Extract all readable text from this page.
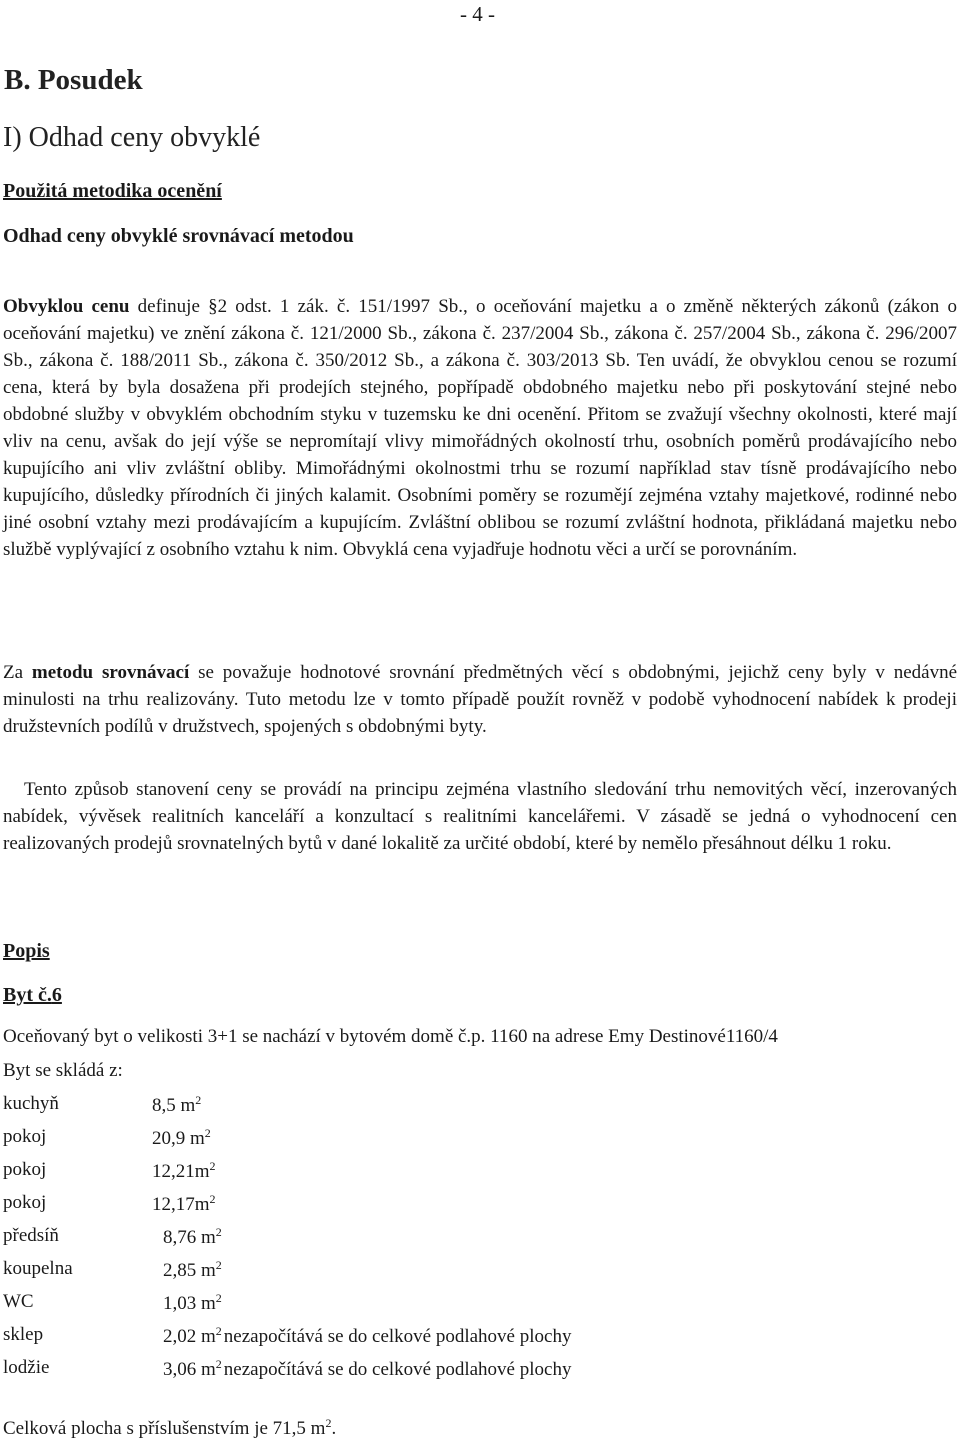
- 4 -
B. Posudek
I) Odhad ceny obvyklé
Použitá metodika ocenění
Odhad ceny obvyklé srovnávací metodou

Obvyklou cenu definuje §2 odst. 1 zák. č. 151/1997 Sb., o oceňování majetku a o změně některých zákonů (zákon o oceňování majetku) ve znění zákona č. 121/2000 Sb., zákona č. 237/2004 Sb., zákona č. 257/2004 Sb., zákona č. 296/2007 Sb., zákona č. 188/2011 Sb., zákona č. 350/2012 Sb., a zákona č. 303/2013 Sb. Ten uvádí, že obvyklou cenou se rozumí cena, která by byla dosažena při prodejích stejného, popřípadě obdobného majetku nebo při poskytování stejné nebo obdobné služby v obvyklém obchodním styku v tuzemsku ke dni ocenění. Přitom se zvažují všechny okolnosti, které mají vliv na cenu, avšak do její výše se nepromítají vlivy mimořádných okolností trhu, osobních poměrů prodávajícího nebo kupujícího ani vliv zvláštní obliby. Mimořádnými okolnostmi trhu se rozumí například stav tísně prodávajícího nebo kupujícího, důsledky přírodních či jiných kalamit. Osobními poměry se rozumějí zejména vztahy majetkové, rodinné nebo jiné osobní vztahy mezi prodávajícím a kupujícím. Zvláštní oblibou se rozumí zvláštní hodnota, přikládaná majetku nebo službě vyplývající z osobního vztahu k nim. Obvyklá cena vyjadřuje hodnotu věci a určí se porovnáním.

Za metodu srovnávací se považuje hodnotové srovnání předmětných věcí s obdobnými, jejichž ceny byly v nedávné minulosti na trhu realizovány. Tuto metodu lze v tomto případě použít rovněž v podobě vyhodnocení nabídek k prodeji družstevních podílů v družstvech, spojených s obdobnými byty.

Tento způsob stanovení ceny se provádí na principu zejména vlastního sledování trhu nemovitých věcí, inzerovaných nabídek, vývěsek realitních kanceláří a konzultací s realitními kancelářemi. V zásadě se jedná o vyhodnocení cen realizovaných prodejů srovnatelných bytů v dané lokalitě za určité období, které by nemělo přesáhnout délku 1 roku.

Popis
Byt č.6
Oceňovaný byt o velikosti 3+1 se nachází v bytovém domě č.p. 1160 na adrese Emy Destinové1160/4
Byt se skládá z:
kuchyň	8,5 $m^2$
pokoj	20,9 $m^2$
pokoj	$12,21m^2$
pokoj	$12,17m^2$
předsíň	8,76 $m^2$
koupelna	2,85 $m^2$
WC	1,03 $m^2$
sklep	2,02 $m^2$ nezapočítává se do celkové podlahové plochy
lodžie	3,06 $m^2$ nezapočítává se do celkové podlahové plochy
Celková plocha s příslušenstvím je 71,5 $m^2$.
